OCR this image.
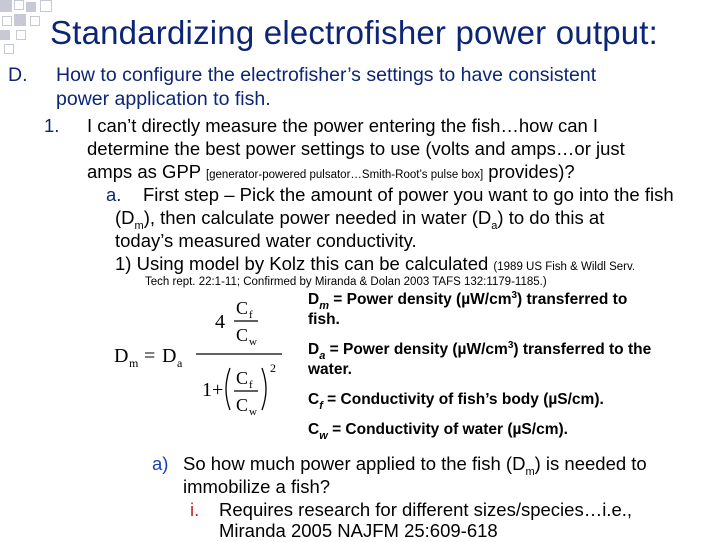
Standardizing electrofisher power output:
D. How to configure the electrofisher’s settings to have consistent
power application to fish.
1. I can’t directly measure the power entering the fish…how can I
determine the best power settings to use (volts and amps…or just
amps as GPP [generator-powered pulsator…Smith-Root’s pulse box] provides)?
a. First step – Pick the amount of power you want to go into the fish
$(D_m)$, then calculate power needed in water $(D_a)$ to do this at
today’s measured water conductivity.
1) Using model by Kolz this can be calculated (1989 US Fish & Wildl Serv.
Tech rept. 22:1-11; Confirmed by Miranda & Dolan 2003 TAFS 132:1179-1185.)
D m = D a
4
C f
C w
1+
C f
C w
2
$D_m$ = Power density $(\mu W/cm^3)$ transferred to
fish.
$D_a$ = Power density $(\mu W/cm^3)$ transferred to the
water.
$C_f$ = Conductivity of fish’s body (µS/cm).
$C_w$ = Conductivity of water (µS/cm).
a) So how much power applied to the fish $(D_m)$ is needed to
immobilize a fish?
i. Requires research for different sizes/species…i.e.,
Miranda 2005 NAJFM 25:609-618
